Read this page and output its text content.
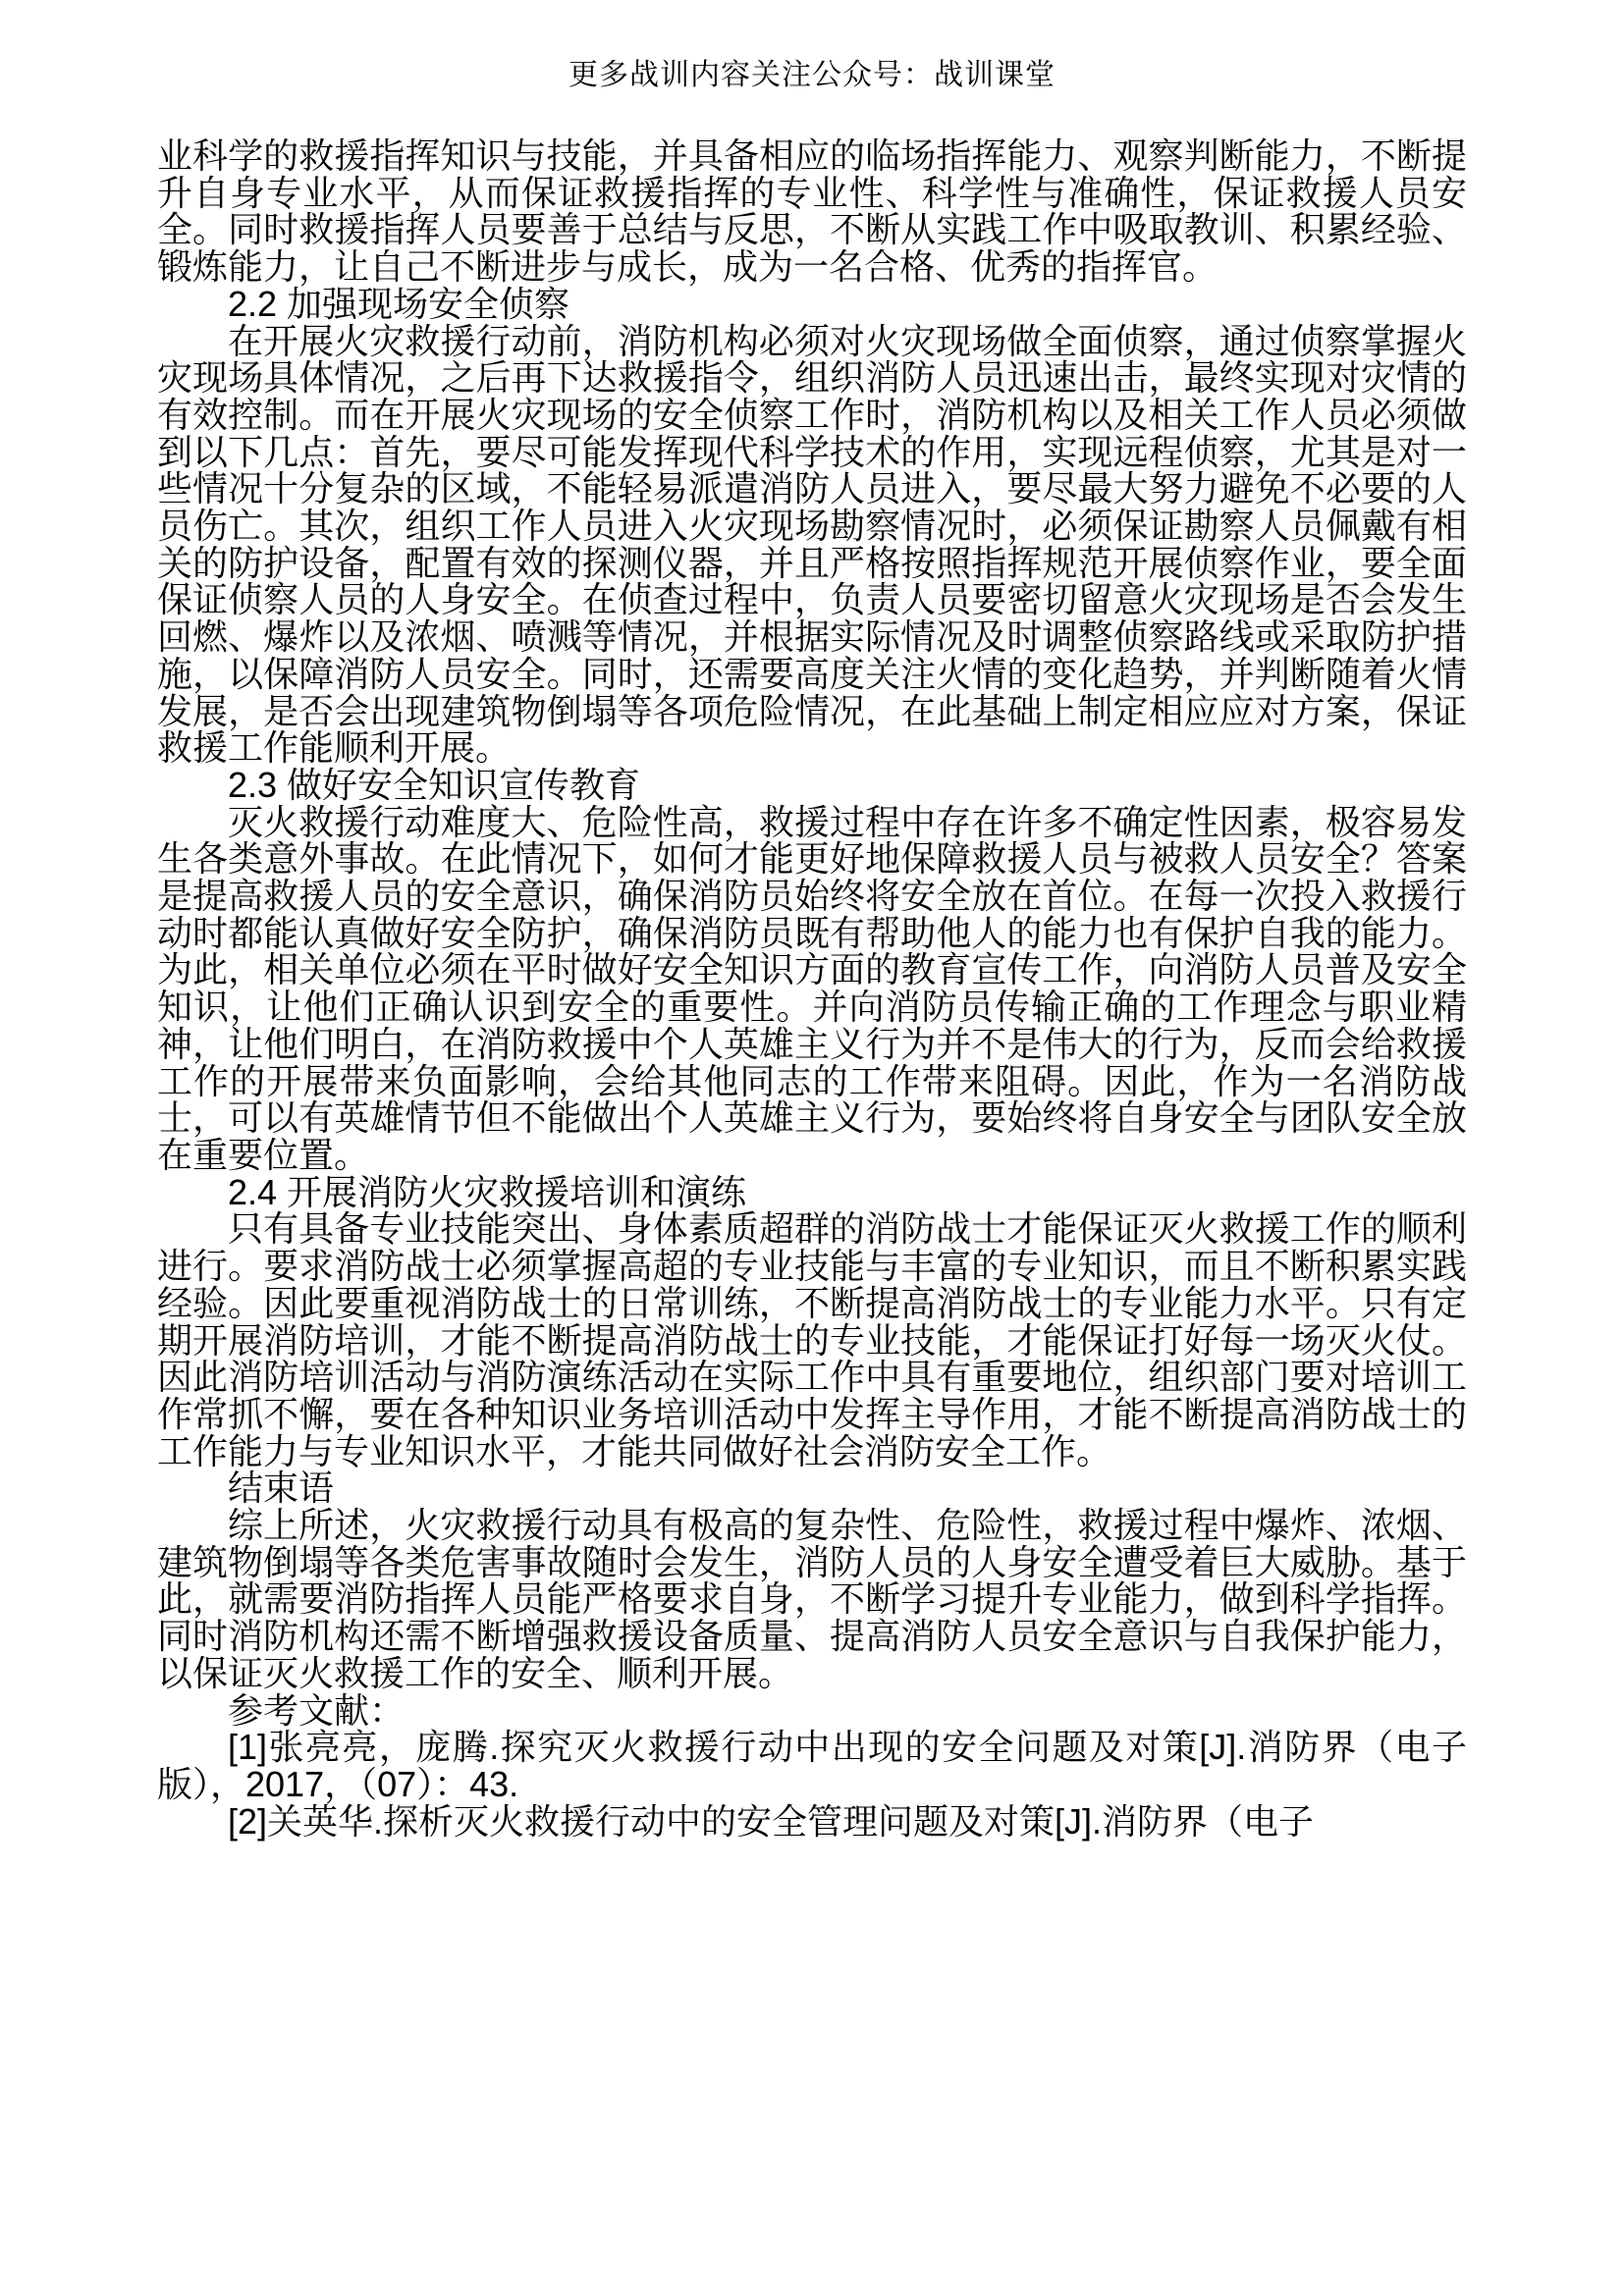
更多战训内容关注公众号：战训课堂

业科学的救援指挥知识与技能，并具备相应的临场指挥能力、观察判断能力，不断提升自身专业水平，从而保证救援指挥的专业性、科学性与准确性，保证救援人员安全。同时救援指挥人员要善于总结与反思，不断从实践工作中吸取教训、积累经验、锻炼能力，让自己不断进步与成长，成为一名合格、优秀的指挥官。

2.2 加强现场安全侦察

在开展火灾救援行动前，消防机构必须对火灾现场做全面侦察，通过侦察掌握火灾现场具体情况，之后再下达救援指令，组织消防人员迅速出击，最终实现对灾情的有效控制。而在开展火灾现场的安全侦察工作时，消防机构以及相关工作人员必须做到以下几点：首先，要尽可能发挥现代科学技术的作用，实现远程侦察，尤其是对一些情况十分复杂的区域，不能轻易派遣消防人员进入，要尽最大努力避免不必要的人员伤亡。其次，组织工作人员进入火灾现场勘察情况时，必须保证勘察人员佩戴有相关的防护设备，配置有效的探测仪器，并且严格按照指挥规范开展侦察作业，要全面保证侦察人员的人身安全。在侦查过程中，负责人员要密切留意火灾现场是否会发生回燃、爆炸以及浓烟、喷溅等情况，并根据实际情况及时调整侦察路线或采取防护措施，以保障消防人员安全。同时，还需要高度关注火情的变化趋势，并判断随着火情发展，是否会出现建筑物倒塌等各项危险情况，在此基础上制定相应应对方案，保证救援工作能顺利开展。

2.3 做好安全知识宣传教育

灭火救援行动难度大、危险性高，救援过程中存在许多不确定性因素，极容易发生各类意外事故。在此情况下，如何才能更好地保障救援人员与被救人员安全？答案是提高救援人员的安全意识，确保消防员始终将安全放在首位。在每一次投入救援行动时都能认真做好安全防护，确保消防员既有帮助他人的能力也有保护自我的能力。为此，相关单位必须在平时做好安全知识方面的教育宣传工作，向消防人员普及安全知识，让他们正确认识到安全的重要性。并向消防员传输正确的工作理念与职业精神，让他们明白，在消防救援中个人英雄主义行为并不是伟大的行为，反而会给救援工作的开展带来负面影响，会给其他同志的工作带来阻碍。因此，作为一名消防战士，可以有英雄情节但不能做出个人英雄主义行为，要始终将自身安全与团队安全放在重要位置。

2.4 开展消防火灾救援培训和演练

只有具备专业技能突出、身体素质超群的消防战士才能保证灭火救援工作的顺利进行。要求消防战士必须掌握高超的专业技能与丰富的专业知识，而且不断积累实践经验。因此要重视消防战士的日常训练，不断提高消防战士的专业能力水平。只有定期开展消防培训，才能不断提高消防战士的专业技能，才能保证打好每一场灭火仗。因此消防培训活动与消防演练活动在实际工作中具有重要地位，组织部门要对培训工作常抓不懈，要在各种知识业务培训活动中发挥主导作用，才能不断提高消防战士的工作能力与专业知识水平，才能共同做好社会消防安全工作。

结束语

综上所述，火灾救援行动具有极高的复杂性、危险性，救援过程中爆炸、浓烟、建筑物倒塌等各类危害事故随时会发生，消防人员的人身安全遭受着巨大威胁。基于此，就需要消防指挥人员能严格要求自身，不断学习提升专业能力，做到科学指挥。同时消防机构还需不断增强救援设备质量、提高消防人员安全意识与自我保护能力，以保证灭火救援工作的安全、顺利开展。

参考文献：

[1]张亮亮，庞腾.探究灭火救援行动中出现的安全问题及对策[J].消防界（电子版），2017，（07）：43.

[2]关英华.探析灭火救援行动中的安全管理问题及对策[J].消防界（电子
